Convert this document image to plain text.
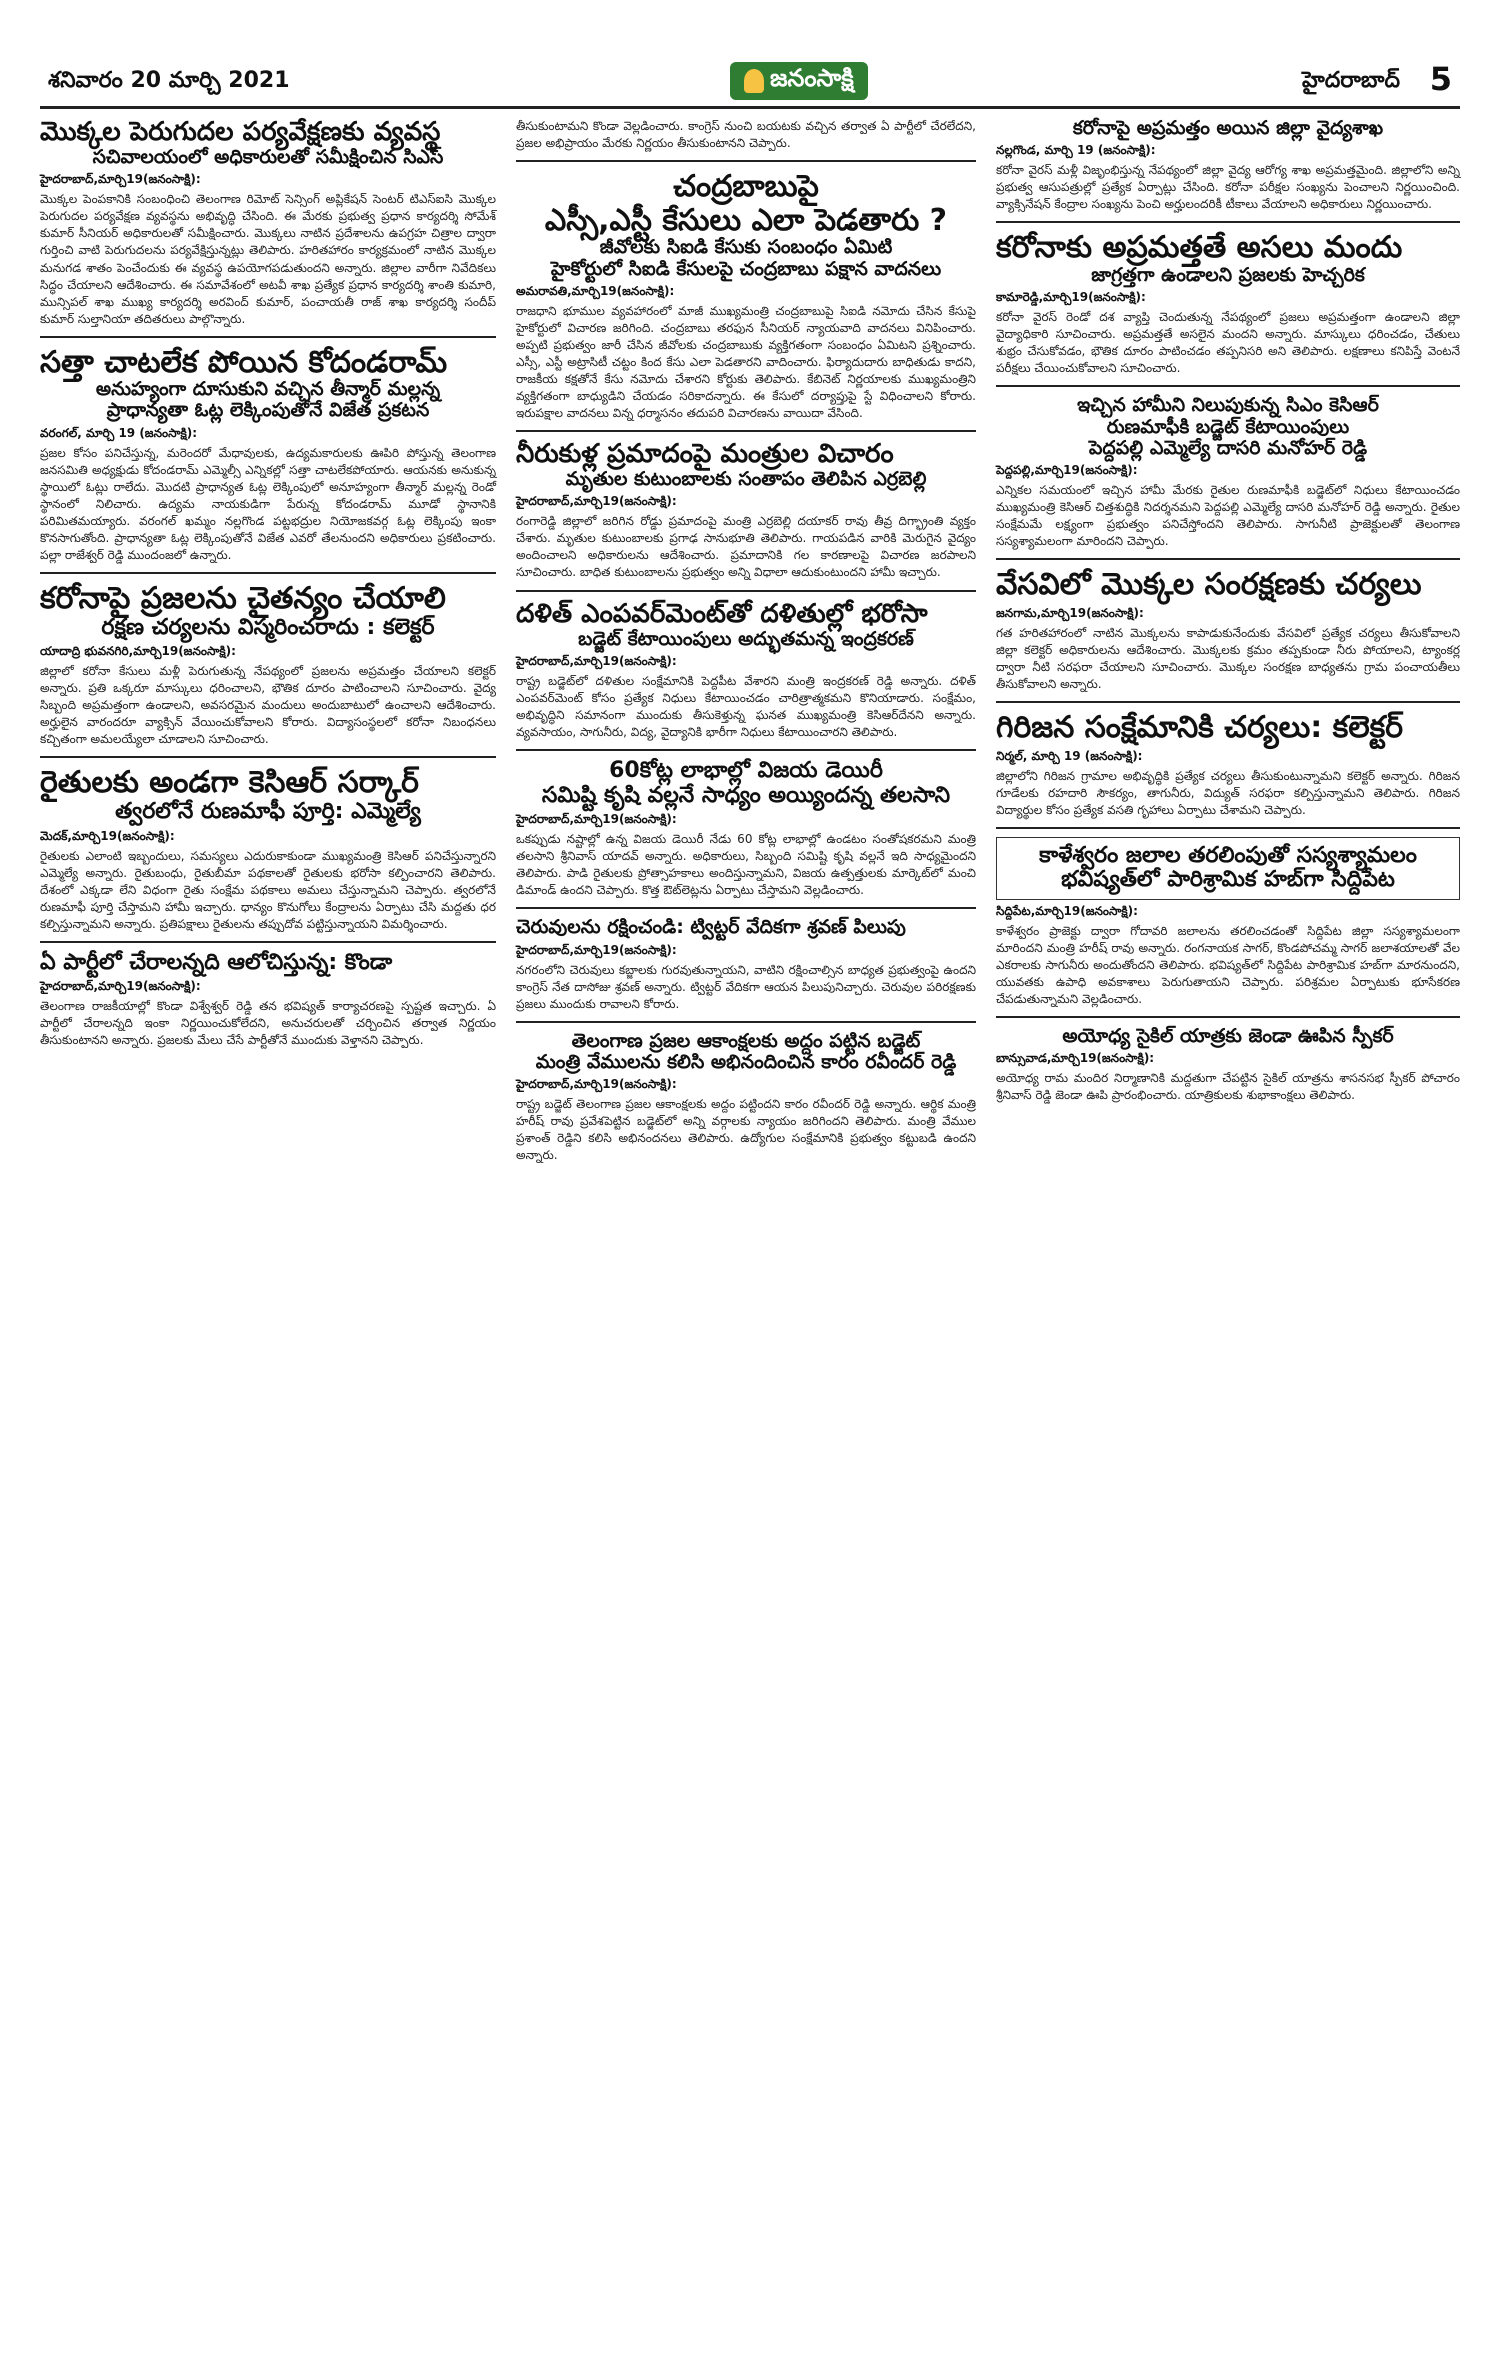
శనివారం 20 మార్చి 2021	జనంసాక్షి	హైదరాబాద్ 5
మొక్కల పెరుగుదల పర్యవేక్షణకు వ్యవస్థ
సచివాలయంలో అధికారులతో సమీక్షించిన సిఎస్
హైదరాబాద్‌,మార్చి19(జనంసాక్షి):
మొక్కల పెంపకానికి సంబంధించి తెలంగాణ రిమోట్‌ సెన్సింగ్‌ అప్లికేషన్‌ సెంటర్‌ టిఎస్‌ఐసి మొక్కల పెరుగుదల పర్యవేక్షణ వ్యవస్థను అభివృద్ధి చేసింది. ఈ మేరకు ప్రభుత్వ ప్రధాన కార్యదర్శి సోమేశ్‌ కుమార్‌ సీనియర్‌ అధికారులతో సమీక్షించారు. మొక్కలు నాటిన ప్రదేశాలను ఉపగ్రహ చిత్రాల ద్వారా గుర్తించి వాటి పెరుగుదలను పర్యవేక్షిస్తున్నట్లు తెలిపారు. హరితహారం కార్యక్రమంలో నాటిన మొక్కల మనుగడ శాతం పెంచేందుకు ఈ వ్యవస్థ ఉపయోగపడుతుందని అన్నారు. జిల్లాల వారీగా నివేదికలు సిద్ధం చేయాలని ఆదేశించారు. ఈ సమావేశంలో అటవీ శాఖ ప్రత్యేక ప్రధాన కార్యదర్శి శాంతి కుమారి, మున్సిపల్‌ శాఖ ముఖ్య కార్యదర్శి అరవింద్‌ కుమార్‌, పంచాయతీ రాజ్‌ శాఖ కార్యదర్శి సందీప్‌ కుమార్‌ సుల్తానియా తదితరులు పాల్గొన్నారు.
సత్తా చాటలేక పోయిన కోదండరామ్‌
అనుహ్యంగా దూసుకుని వచ్చిన తీన్మార్‌ మల్లన్న
ప్రాధాన్యతా ఓట్ల లెక్కింపుతోనే విజేత ప్రకటన
వరంగల్‌, మార్చి 19 (జనంసాక్షి):
ప్రజల కోసం పనిచేస్తున్న, మరెందరో మేధావులకు, ఉద్యమకారులకు ఊపిరి పోస్తున్న తెలంగాణ జనసమితి అధ్యక్షుడు కోదండరామ్‌ ఎమ్మెల్సీ ఎన్నికల్లో సత్తా చాటలేకపోయారు. ఆయనకు అనుకున్న స్థాయిలో ఓట్లు రాలేదు. మొదటి ప్రాధాన్యత ఓట్ల లెక్కింపులో అనూహ్యంగా తీన్మార్‌ మల్లన్న రెండో స్థానంలో నిలిచారు. ఉద్యమ నాయకుడిగా పేరున్న కోదండరామ్‌ మూడో స్థానానికి పరిమితమయ్యారు. వరంగల్‌ ఖమ్మం నల్లగొండ పట్టభద్రుల నియోజకవర్గ ఓట్ల లెక్కింపు ఇంకా కొనసాగుతోంది. ప్రాధాన్యతా ఓట్ల లెక్కింపుతోనే విజేత ఎవరో తేలనుందని అధికారులు ప్రకటించారు. పల్లా రాజేశ్వర్‌ రెడ్డి ముందంజలో ఉన్నారు.
కరోనాపై ప్రజలను చైతన్యం చేయాలి
రక్షణ చర్యలను విస్మరించరాదు : కలెక్టర్‌
యాదాద్రి భువనగిరి,మార్చి19(జనంసాక్షి):
జిల్లాలో కరోనా కేసులు మళ్లీ పెరుగుతున్న నేపథ్యంలో ప్రజలను అప్రమత్తం చేయాలని కలెక్టర్‌ అన్నారు. ప్రతి ఒక్కరూ మాస్కులు ధరించాలని, భౌతిక దూరం పాటించాలని సూచించారు. వైద్య సిబ్బంది అప్రమత్తంగా ఉండాలని, అవసరమైన మందులు అందుబాటులో ఉంచాలని ఆదేశించారు. అర్హులైన వారందరూ వ్యాక్సిన్‌ వేయించుకోవాలని కోరారు. విద్యాసంస్థలలో కరోనా నిబంధనలు కచ్చితంగా అమలయ్యేలా చూడాలని సూచించారు.
రైతులకు అండగా కెసిఆర్‌ సర్కార్‌
త్వరలోనే రుణమాఫీ పూర్తి: ఎమ్మెల్యే
మెదక్‌,మార్చి19(జనంసాక్షి):
రైతులకు ఎలాంటి ఇబ్బందులు, సమస్యలు ఎదురుకాకుండా ముఖ్యమంత్రి కెసిఆర్‌ పనిచేస్తున్నారని ఎమ్మెల్యే అన్నారు. రైతుబంధు, రైతుబీమా పథకాలతో రైతులకు భరోసా కల్పించారని తెలిపారు. దేశంలో ఎక్కడా లేని విధంగా రైతు సంక్షేమ పథకాలు అమలు చేస్తున్నామని చెప్పారు. త్వరలోనే రుణమాఫీ పూర్తి చేస్తామని హామీ ఇచ్చారు. ధాన్యం కొనుగోలు కేంద్రాలను ఏర్పాటు చేసి మద్దతు ధర కల్పిస్తున్నామని అన్నారు. ప్రతిపక్షాలు రైతులను తప్పుదోవ పట్టిస్తున్నాయని విమర్శించారు.
ఏ పార్టీలో చేరాలన్నది ఆలోచిస్తున్న: కొండా
హైదరాబాద్‌,మార్చి19(జనంసాక్షి):
తెలంగాణ రాజకీయాల్లో కొండా విశ్వేశ్వర్‌ రెడ్డి తన భవిష్యత్‌ కార్యాచరణపై స్పష్టత ఇచ్చారు. ఏ పార్టీలో చేరాలన్నది ఇంకా నిర్ణయించుకోలేదని, అనుచరులతో చర్చించిన తర్వాత నిర్ణయం తీసుకుంటానని అన్నారు. ప్రజలకు మేలు చేసే పార్టీతోనే ముందుకు వెళ్తానని చెప్పారు.
తీసుకుంటామని కొండా వెల్లడించారు. కాంగ్రెస్‌ నుంచి బయటకు వచ్చిన తర్వాత ఏ పార్టీలో చేరలేదని, ప్రజల అభిప్రాయం మేరకు నిర్ణయం తీసుకుంటానని చెప్పారు.
చంద్రబాబుపై
ఎస్సీ,ఎస్టీ కేసులు ఎలా పెడతారు ?
జీవోలకు సిఐడి కేసుకు సంబంధం ఏమిటి
హైకోర్టులో సిఐడి కేసులపై చంద్రబాబు పక్షాన వాదనలు
అమరావతి,మార్చి19(జనంసాక్షి):
రాజధాని భూముల వ్యవహారంలో మాజీ ముఖ్యమంత్రి చంద్రబాబుపై సిఐడి నమోదు చేసిన కేసుపై హైకోర్టులో విచారణ జరిగింది. చంద్రబాబు తరఫున సీనియర్‌ న్యాయవాది వాదనలు వినిపించారు. అప్పటి ప్రభుత్వం జారీ చేసిన జీవోలకు చంద్రబాబుకు వ్యక్తిగతంగా సంబంధం ఏమిటని ప్రశ్నించారు. ఎస్సీ, ఎస్టీ అట్రాసిటీ చట్టం కింద కేసు ఎలా పెడతారని వాదించారు. ఫిర్యాదుదారు బాధితుడు కాదని, రాజకీయ కక్షతోనే కేసు నమోదు చేశారని కోర్టుకు తెలిపారు. కేబినెట్‌ నిర్ణయాలకు ముఖ్యమంత్రిని వ్యక్తిగతంగా బాధ్యుడిని చేయడం సరికాదన్నారు. ఈ కేసులో దర్యాప్తుపై స్టే విధించాలని కోరారు. ఇరుపక్షాల వాదనలు విన్న ధర్మాసనం తదుపరి విచారణను వాయిదా వేసింది.
నీరుకుళ్ల ప్రమాదంపై మంత్రుల విచారం
మృతుల కుటుంబాలకు సంతాపం తెలిపిన ఎర్రబెల్లి
హైదరాబాద్‌,మార్చి19(జనంసాక్షి):
రంగారెడ్డి జిల్లాలో జరిగిన రోడ్డు ప్రమాదంపై మంత్రి ఎర్రబెల్లి దయాకర్‌ రావు తీవ్ర దిగ్భ్రాంతి వ్యక్తం చేశారు. మృతుల కుటుంబాలకు ప్రగాఢ సానుభూతి తెలిపారు. గాయపడిన వారికి మెరుగైన వైద్యం అందించాలని అధికారులను ఆదేశించారు. ప్రమాదానికి గల కారణాలపై విచారణ జరపాలని సూచించారు. బాధిత కుటుంబాలను ప్రభుత్వం అన్ని విధాలా ఆదుకుంటుందని హామీ ఇచ్చారు.
దళిత్‌ ఎంపవర్‌మెంట్‌తో దళితుల్లో భరోసా
బడ్జెట్‌ కేటాయింపులు అద్భుతమన్న ఇంద్రకరణ్‌
హైదరాబాద్‌,మార్చి19(జనంసాక్షి):
రాష్ట్ర బడ్జెట్‌లో దళితుల సంక్షేమానికి పెద్దపీట వేశారని మంత్రి ఇంద్రకరణ్‌ రెడ్డి అన్నారు. దళిత్‌ ఎంపవర్‌మెంట్‌ కోసం ప్రత్యేక నిధులు కేటాయించడం చారిత్రాత్మకమని కొనియాడారు. సంక్షేమం, అభివృద్ధిని సమానంగా ముందుకు తీసుకెళ్తున్న ఘనత ముఖ్యమంత్రి కెసిఆర్‌దేనని అన్నారు. వ్యవసాయం, సాగునీరు, విద్య, వైద్యానికి భారీగా నిధులు కేటాయించారని తెలిపారు.
60కోట్ల లాభాల్లో విజయ డెయిరీ
సమిష్టి కృషి వల్లనే సాధ్యం అయ్యిందన్న తలసాని
హైదరాబాద్‌,మార్చి19(జనంసాక్షి):
ఒకప్పుడు నష్టాల్లో ఉన్న విజయ డెయిరీ నేడు 60 కోట్ల లాభాల్లో ఉండటం సంతోషకరమని మంత్రి తలసాని శ్రీనివాస్‌ యాదవ్‌ అన్నారు. అధికారులు, సిబ్బంది సమిష్టి కృషి వల్లనే ఇది సాధ్యమైందని తెలిపారు. పాడి రైతులకు ప్రోత్సాహకాలు అందిస్తున్నామని, విజయ ఉత్పత్తులకు మార్కెట్‌లో మంచి డిమాండ్‌ ఉందని చెప్పారు. కొత్త ఔట్‌లెట్లను ఏర్పాటు చేస్తామని వెల్లడించారు.
చెరువులను రక్షించండి: ట్విట్టర్‌ వేదికగా శ్రవణ్‌ పిలుపు
హైదరాబాద్‌,మార్చి19(జనంసాక్షి):
నగరంలోని చెరువులు కబ్జాలకు గురవుతున్నాయని, వాటిని రక్షించాల్సిన బాధ్యత ప్రభుత్వంపై ఉందని కాంగ్రెస్‌ నేత దాసోజు శ్రవణ్‌ అన్నారు. ట్విట్టర్‌ వేదికగా ఆయన పిలుపునిచ్చారు. చెరువుల పరిరక్షణకు ప్రజలు ముందుకు రావాలని కోరారు.
తెలంగాణ ప్రజల ఆకాంక్షలకు అద్దం పట్టిన బడ్జెట్‌
మంత్రి వేములను కలిసి అభినందించిన కారం రవీందర్‌ రెడ్డి
హైదరాబాద్‌,మార్చి19(జనంసాక్షి):
రాష్ట్ర బడ్జెట్‌ తెలంగాణ ప్రజల ఆకాంక్షలకు అద్దం పట్టిందని కారం రవీందర్‌ రెడ్డి అన్నారు. ఆర్థిక మంత్రి హరీష్‌ రావు ప్రవేశపెట్టిన బడ్జెట్‌లో అన్ని వర్గాలకు న్యాయం జరిగిందని తెలిపారు. మంత్రి వేముల ప్రశాంత్‌ రెడ్డిని కలిసి అభినందనలు తెలిపారు. ఉద్యోగుల సంక్షేమానికి ప్రభుత్వం కట్టుబడి ఉందని అన్నారు.
కరోనాపై అప్రమత్తం అయిన జిల్లా వైద్యశాఖ
నల్లగొండ, మార్చి 19 (జనంసాక్షి):
కరోనా వైరస్‌ మళ్లీ విజృంభిస్తున్న నేపథ్యంలో జిల్లా వైద్య ఆరోగ్య శాఖ అప్రమత్తమైంది. జిల్లాలోని అన్ని ప్రభుత్వ ఆసుపత్రుల్లో ప్రత్యేక ఏర్పాట్లు చేసింది. కరోనా పరీక్షల సంఖ్యను పెంచాలని నిర్ణయించింది. వ్యాక్సినేషన్‌ కేంద్రాల సంఖ్యను పెంచి అర్హులందరికీ టీకాలు వేయాలని అధికారులు నిర్ణయించారు.
కరోనాకు అప్రమత్తతే అసలు మందు
జాగ్రత్తగా ఉండాలని ప్రజలకు హెచ్చరిక
కామారెడ్డి,మార్చి19(జనంసాక్షి):
కరోనా వైరస్‌ రెండో దశ వ్యాప్తి చెందుతున్న నేపథ్యంలో ప్రజలు అప్రమత్తంగా ఉండాలని జిల్లా వైద్యాధికారి సూచించారు. అప్రమత్తతే అసలైన మందని అన్నారు. మాస్కులు ధరించడం, చేతులు శుభ్రం చేసుకోవడం, భౌతిక దూరం పాటించడం తప్పనిసరి అని తెలిపారు. లక్షణాలు కనిపిస్తే వెంటనే పరీక్షలు చేయించుకోవాలని సూచించారు.
ఇచ్చిన హామీని నిలుపుకున్న సిఎం కెసిఆర్‌
రుణమాఫీకి బడ్జెట్‌ కేటాయింపులు
పెద్దపల్లి ఎమ్మెల్యే దాసరి మనోహర్‌ రెడ్డి
పెద్దపల్లి,మార్చి19(జనంసాక్షి):
ఎన్నికల సమయంలో ఇచ్చిన హామీ మేరకు రైతుల రుణమాఫీకి బడ్జెట్‌లో నిధులు కేటాయించడం ముఖ్యమంత్రి కెసిఆర్‌ చిత్తశుద్ధికి నిదర్శనమని పెద్దపల్లి ఎమ్మెల్యే దాసరి మనోహర్‌ రెడ్డి అన్నారు. రైతుల సంక్షేమమే లక్ష్యంగా ప్రభుత్వం పనిచేస్తోందని తెలిపారు. సాగునీటి ప్రాజెక్టులతో తెలంగాణ సస్యశ్యామలంగా మారిందని చెప్పారు.
వేసవిలో మొక్కల సంరక్షణకు చర్యలు
జనగామ,మార్చి19(జనంసాక్షి):
గత హరితహారంలో నాటిన మొక్కలను కాపాడుకునేందుకు వేసవిలో ప్రత్యేక చర్యలు తీసుకోవాలని జిల్లా కలెక్టర్‌ అధికారులను ఆదేశించారు. మొక్కలకు క్రమం తప్పకుండా నీరు పోయాలని, ట్యాంకర్ల ద్వారా నీటి సరఫరా చేయాలని సూచించారు. మొక్కల సంరక్షణ బాధ్యతను గ్రామ పంచాయతీలు తీసుకోవాలని అన్నారు.
గిరిజన సంక్షేమానికి చర్యలు: కలెక్టర్‌
నిర్మల్‌, మార్చి 19 (జనంసాక్షి):
జిల్లాలోని గిరిజన గ్రామాల అభివృద్ధికి ప్రత్యేక చర్యలు తీసుకుంటున్నామని కలెక్టర్‌ అన్నారు. గిరిజన గూడేలకు రహదారి సౌకర్యం, తాగునీరు, విద్యుత్‌ సరఫరా కల్పిస్తున్నామని తెలిపారు. గిరిజన విద్యార్థుల కోసం ప్రత్యేక వసతి గృహాలు ఏర్పాటు చేశామని చెప్పారు.
కాళేశ్వరం జలాల తరలింపుతో సస్యశ్యామలం
భవిష్యత్‌లో పారిశ్రామిక హబ్‌గా సిద్దిపేట
సిద్దిపేట,మార్చి19(జనంసాక్షి):
కాళేశ్వరం ప్రాజెక్టు ద్వారా గోదావరి జలాలను తరలించడంతో సిద్దిపేట జిల్లా సస్యశ్యామలంగా మారిందని మంత్రి హరీష్‌ రావు అన్నారు. రంగనాయక సాగర్‌, కొండపోచమ్మ సాగర్‌ జలాశయాలతో వేల ఎకరాలకు సాగునీరు అందుతోందని తెలిపారు. భవిష్యత్‌లో సిద్దిపేట పారిశ్రామిక హబ్‌గా మారనుందని, యువతకు ఉపాధి అవకాశాలు పెరుగుతాయని చెప్పారు. పరిశ్రమల ఏర్పాటుకు భూసేకరణ చేపడుతున్నామని వెల్లడించారు.
అయోధ్య సైకిల్‌ యాత్రకు జెండా ఊపిన స్పీకర్‌
బాన్సువాడ,మార్చి19(జనంసాక్షి):
అయోధ్య రామ మందిర నిర్మాణానికి మద్దతుగా చేపట్టిన సైకిల్‌ యాత్రను శాసనసభ స్పీకర్‌ పోచారం శ్రీనివాస్‌ రెడ్డి జెండా ఊపి ప్రారంభించారు. యాత్రికులకు శుభాకాంక్షలు తెలిపారు.
